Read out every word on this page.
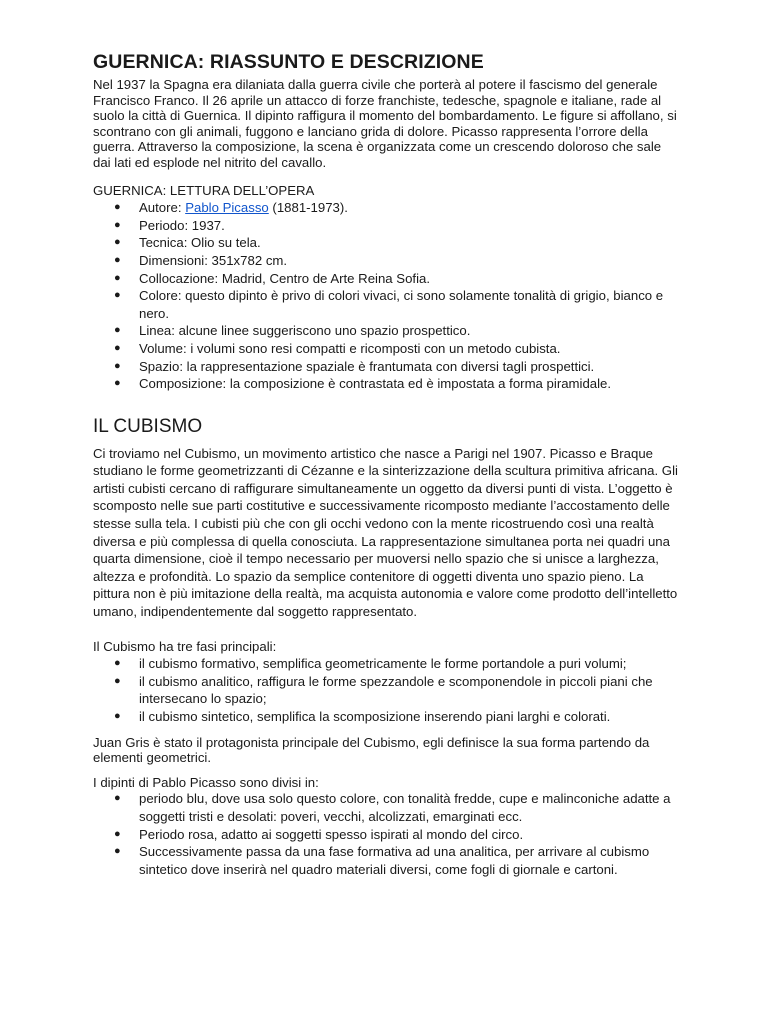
GUERNICA: RIASSUNTO E DESCRIZIONE

Nel 1937 la Spagna era dilaniata dalla guerra civile che porterà al potere il fascismo del generale Francisco Franco. Il 26 aprile un attacco di forze franchiste, tedesche, spagnole e italiane, rade al suolo la città di Guernica. Il dipinto raffigura il momento del bombardamento. Le figure si affollano, si scontrano con gli animali, fuggono e lanciano grida di dolore. Picasso rappresenta l’orrore della guerra. Attraverso la composizione, la scena è organizzata come un crescendo doloroso che sale dai lati ed esplode nel nitrito del cavallo.

GUERNICA: LETTURA DELL’OPERA

● Autore: Pablo Picasso (1881-1973).
● Periodo: 1937.
● Tecnica: Olio su tela.
● Dimensioni: 351x782 cm.
● Collocazione: Madrid, Centro de Arte Reina Sofia.
● Colore: questo dipinto è privo di colori vivaci, ci sono solamente tonalità di grigio, bianco e nero.
● Linea: alcune linee suggeriscono uno spazio prospettico.
● Volume: i volumi sono resi compatti e ricomposti con un metodo cubista.
● Spazio: la rappresentazione spaziale è frantumata con diversi tagli prospettici.
● Composizione: la composizione è contrastata ed è impostata a forma piramidale.
IL CUBISMO

Ci troviamo nel Cubismo, un movimento artistico che nasce a Parigi nel 1907. Picasso e Braque studiano le forme geometrizzanti di Cézanne e la sinterizzazione della scultura primitiva africana. Gli artisti cubisti cercano di raffigurare simultaneamente un oggetto da diversi punti di vista. L’oggetto è scomposto nelle sue parti costitutive e successivamente ricomposto mediante l’accostamento delle stesse sulla tela. I cubisti più che con gli occhi vedono con la mente ricostruendo così una realtà diversa e più complessa di quella conosciuta. La rappresentazione simultanea porta nei quadri una quarta dimensione, cioè il tempo necessario per muoversi nello spazio che si unisce a larghezza, altezza e profondità. Lo spazio da semplice contenitore di oggetti diventa uno spazio pieno. La pittura non è più imitazione della realtà, ma acquista autonomia e valore come prodotto dell’intelletto umano, indipendentemente dal soggetto rappresentato.

Il Cubismo ha tre fasi principali:

● il cubismo formativo, semplifica geometricamente le forme portandole a puri volumi;
● il cubismo analitico, raffigura le forme spezzandole e scomponendole in piccoli piani che intersecano lo spazio;
● il cubismo sintetico, semplifica la scomposizione inserendo piani larghi e colorati.

Juan Gris è stato il protagonista principale del Cubismo, egli definisce la sua forma partendo da elementi geometrici.

I dipinti di Pablo Picasso sono divisi in:

● periodo blu, dove usa solo questo colore, con tonalità fredde, cupe e malinconiche adatte a soggetti tristi e desolati: poveri, vecchi, alcolizzati, emarginati ecc.
● Periodo rosa, adatto ai soggetti spesso ispirati al mondo del circo.
● Successivamente passa da una fase formativa ad una analitica, per arrivare al cubismo sintetico dove inserirà nel quadro materiali diversi, come fogli di giornale e cartoni.
